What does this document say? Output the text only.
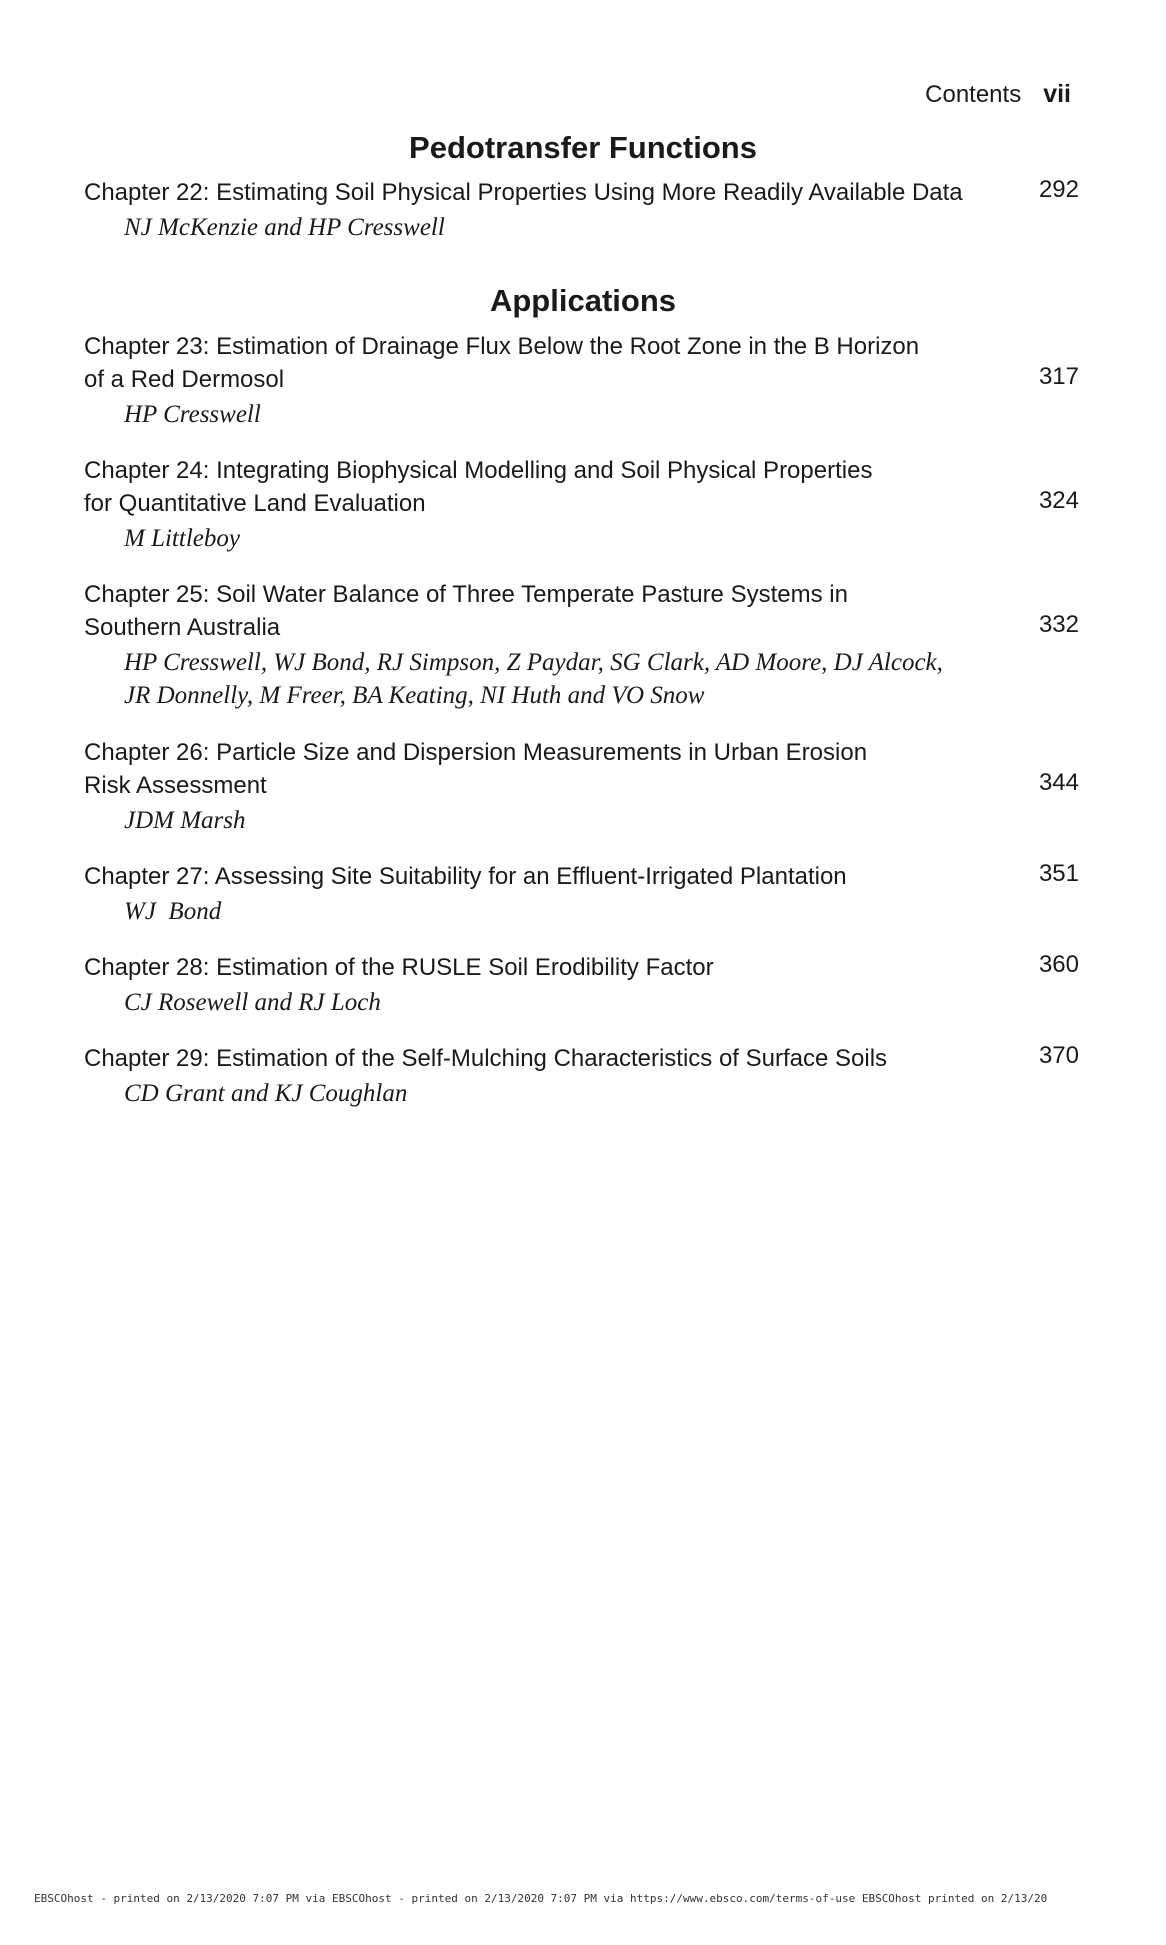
Contents vii
Pedotransfer Functions
Chapter 22: Estimating Soil Physical Properties Using More Readily Available Data	292
NJ McKenzie and HP Cresswell
Applications
Chapter 23: Estimation of Drainage Flux Below the Root Zone in the B Horizon
of a Red Dermosol	317
HP Cresswell
Chapter 24: Integrating Biophysical Modelling and Soil Physical Properties
for Quantitative Land Evaluation	324
M Littleboy
Chapter 25: Soil Water Balance of Three Temperate Pasture Systems in
Southern Australia	332
HP Cresswell, WJ Bond, RJ Simpson, Z Paydar, SG Clark, AD Moore, DJ Alcock,
JR Donnelly, M Freer, BA Keating, NI Huth and VO Snow
Chapter 26: Particle Size and Dispersion Measurements in Urban Erosion
Risk Assessment	344
JDM Marsh
Chapter 27: Assessing Site Suitability for an Effluent-Irrigated Plantation	351
WJ  Bond
Chapter 28: Estimation of the RUSLE Soil Erodibility Factor	360
CJ Rosewell and RJ Loch
Chapter 29: Estimation of the Self-Mulching Characteristics of Surface Soils	370
CD Grant and KJ Coughlan
EBSCOhost - printed on 2/13/2020 7:07 PM via EBSCOhost - printed on 2/13/2020 7:07 PM via https://www.ebsco.com/terms-of-use EBSCOhost printed on 2/13/20
